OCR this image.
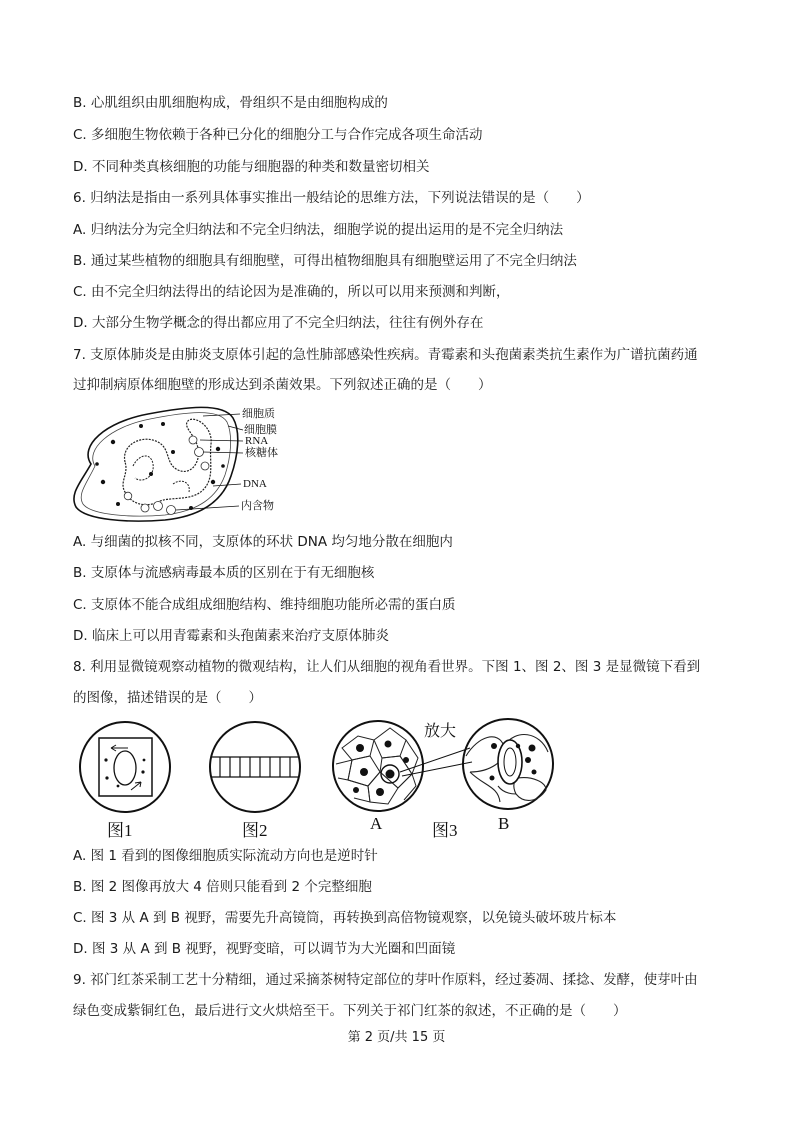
B. 心肌组织由肌细胞构成，骨组织不是由细胞构成的
C. 多细胞生物依赖于各种已分化的细胞分工与合作完成各项生命活动
D. 不同种类真核细胞的功能与细胞器的种类和数量密切相关
6. 归纳法是指由一系列具体事实推出一般结论的思维方法，下列说法错误的是（　　）
A. 归纳法分为完全归纳法和不完全归纳法，细胞学说的提出运用的是不完全归纳法
B. 通过某些植物的细胞具有细胞壁，可得出植物细胞具有细胞壁运用了不完全归纳法
C. 由不完全归纳法得出的结论因为是准确的，所以可以用来预测和判断，
D. 大部分生物学概念的得出都应用了不完全归纳法，往往有例外存在
7. 支原体肺炎是由肺炎支原体引起的急性肺部感染性疾病。青霉素和头孢菌素类抗生素作为广谱抗菌药通
过抑制病原体细胞壁的形成达到杀菌效果。下列叙述正确的是（　　）
细胞质
细胞膜
RNA
核糖体
DNA
内含物
A. 与细菌的拟核不同，支原体的环状 DNA 均匀地分散在细胞内
B. 支原体与流感病毒最本质的区别在于有无细胞核
C. 支原体不能合成组成细胞结构、维持细胞功能所必需的蛋白质
D. 临床上可以用青霉素和头孢菌素来治疗支原体肺炎
8. 利用显微镜观察动植物的微观结构，让人们从细胞的视角看世界。下图 1、图 2、图 3 是显微镜下看到
的图像，描述错误的是（　　）
图1	图2	A
放大
B
图3
A. 图 1 看到的图像细胞质实际流动方向也是逆时针
B. 图 2 图像再放大 4 倍则只能看到 2 个完整细胞
C. 图 3 从 A 到 B 视野，需要先升高镜筒，再转换到高倍物镜观察，以免镜头破坏玻片标本
D. 图 3 从 A 到 B 视野，视野变暗，可以调节为大光圈和凹面镜
9. 祁门红茶采制工艺十分精细，通过采摘茶树特定部位的芽叶作原料，经过萎凋、揉捻、发酵，使芽叶由
绿色变成紫铜红色，最后进行文火烘焙至干。下列关于祁门红茶的叙述，不正确的是（　　）
第 2 页/共 15 页
